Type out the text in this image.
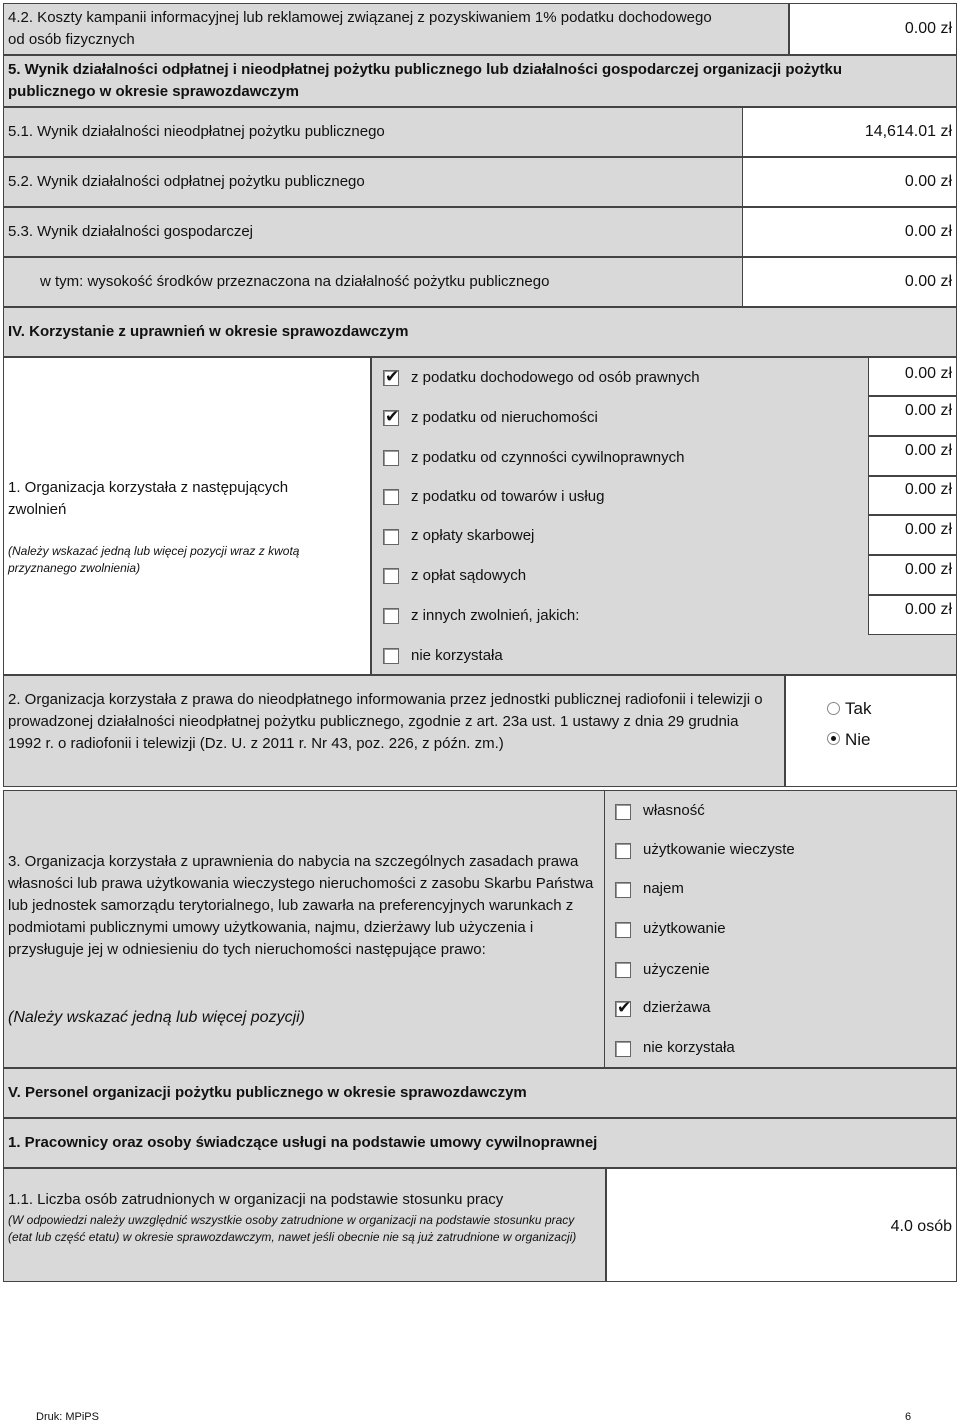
4.2. Koszty kampanii informacyjnej lub reklamowej związanej z pozyskiwaniem 1% podatku dochodowego od osób fizycznych
0.00 zł
5. Wynik działalności odpłatnej i nieodpłatnej pożytku publicznego lub działalności gospodarczej organizacji pożytku publicznego w okresie sprawozdawczym
5.1. Wynik działalności nieodpłatnej pożytku publicznego	14,614.01 zł
5.2. Wynik działalności odpłatnej pożytku publicznego	0.00 zł
5.3. Wynik działalności gospodarczej	0.00 zł
w tym: wysokość środków przeznaczona na działalność pożytku publicznego	0.00 zł
IV. Korzystanie z uprawnień w okresie sprawozdawczym
1. Organizacja korzystała z następujących zwolnień
(Należy wskazać jedną lub więcej pozycji wraz z kwotą przyznanego zwolnienia)
✔ z podatku dochodowego od osób prawnych	0.00 zł
✔ z podatku od nieruchomości	0.00 zł
z podatku od czynności cywilnoprawnych	0.00 zł
z podatku od towarów i usług	0.00 zł
z opłaty skarbowej	0.00 zł
z opłat sądowych	0.00 zł
z innych zwolnień, jakich:	0.00 zł
nie korzystała
2. Organizacja korzystała z prawa do nieodpłatnego informowania przez jednostki publicznej radiofonii i telewizji o prowadzonej działalności nieodpłatnej pożytku publicznego, zgodnie z art. 23a ust. 1 ustawy z dnia 29 grudnia 1992 r. o radiofonii i telewizji (Dz. U. z 2011 r. Nr 43, poz. 226, z późn. zm.)
Tak
Nie
3. Organizacja korzystała z uprawnienia do nabycia na szczególnych zasadach prawa własności lub prawa użytkowania wieczystego nieruchomości z zasobu Skarbu Państwa lub jednostek samorządu terytorialnego, lub zawarła na preferencyjnych warunkach z podmiotami publicznymi umowy użytkowania, najmu, dzierżawy lub użyczenia i przysługuje jej w odniesieniu do tych nieruchomości następujące prawo:
(Należy wskazać jedną lub więcej pozycji)
własność
użytkowanie wieczyste
najem
użytkowanie
użyczenie
✔ dzierżawa
nie korzystała
V. Personel organizacji pożytku publicznego w okresie sprawozdawczym
1. Pracownicy oraz osoby świadczące usługi na podstawie umowy cywilnoprawnej
1.1. Liczba osób zatrudnionych w organizacji na podstawie stosunku pracy
(W odpowiedzi należy uwzględnić wszystkie osoby zatrudnione w organizacji na podstawie stosunku pracy (etat lub część etatu) w okresie sprawozdawczym, nawet jeśli obecnie nie są już zatrudnione w organizacji)
4.0 osób
Druk: MPiPS	6
